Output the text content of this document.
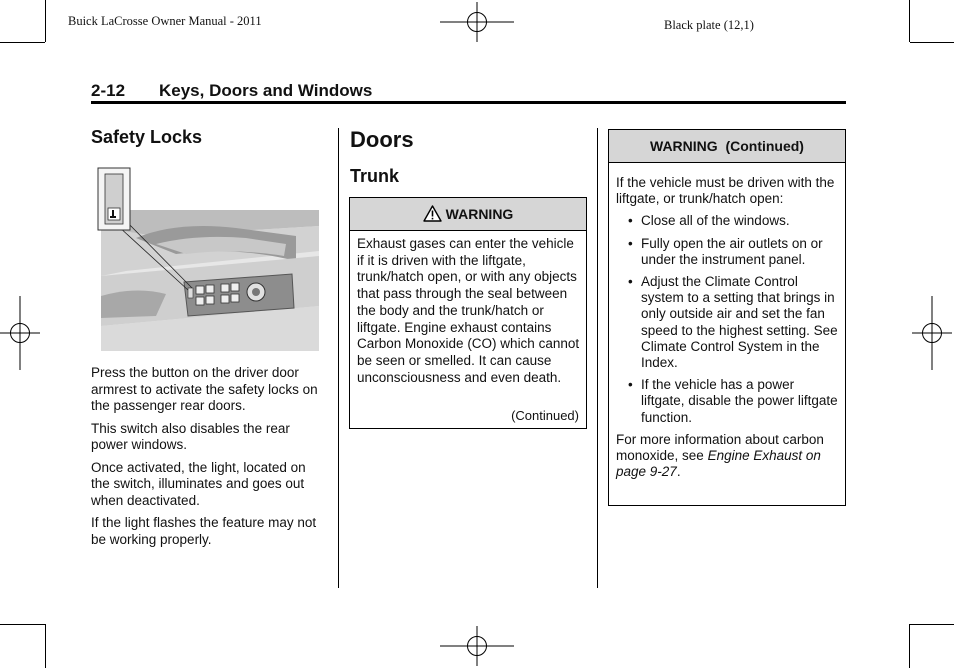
Buick LaCrosse Owner Manual - 2011	Black plate (12,1)
2-12 Keys, Doors and Windows
Safety Locks

Press the button on the driver door armrest to activate the safety locks on the passenger rear doors.

This switch also disables the rear power windows.

Once activated, the light, located on the switch, illuminates and goes out when deactivated.

If the light flashes the feature may not be working properly.

Doors
Trunk
WARNING
Exhaust gases can enter the vehicle if it is driven with the liftgate, trunk/hatch open, or with any objects that pass through the seal between the body and the trunk/hatch or liftgate. Engine exhaust contains Carbon Monoxide (CO) which cannot be seen or smelled. It can cause unconsciousness and even death.
(Continued)
WARNING  (Continued)

If the vehicle must be driven with the liftgate, or trunk/hatch open:

• Close all of the windows.
• Fully open the air outlets on or under the instrument panel.
• Adjust the Climate Control system to a setting that brings in only outside air and set the fan speed to the highest setting. See Climate Control System in the Index.
• If the vehicle has a power liftgate, disable the power liftgate function.

For more information about carbon monoxide, see Engine Exhaust on page 9-27.
